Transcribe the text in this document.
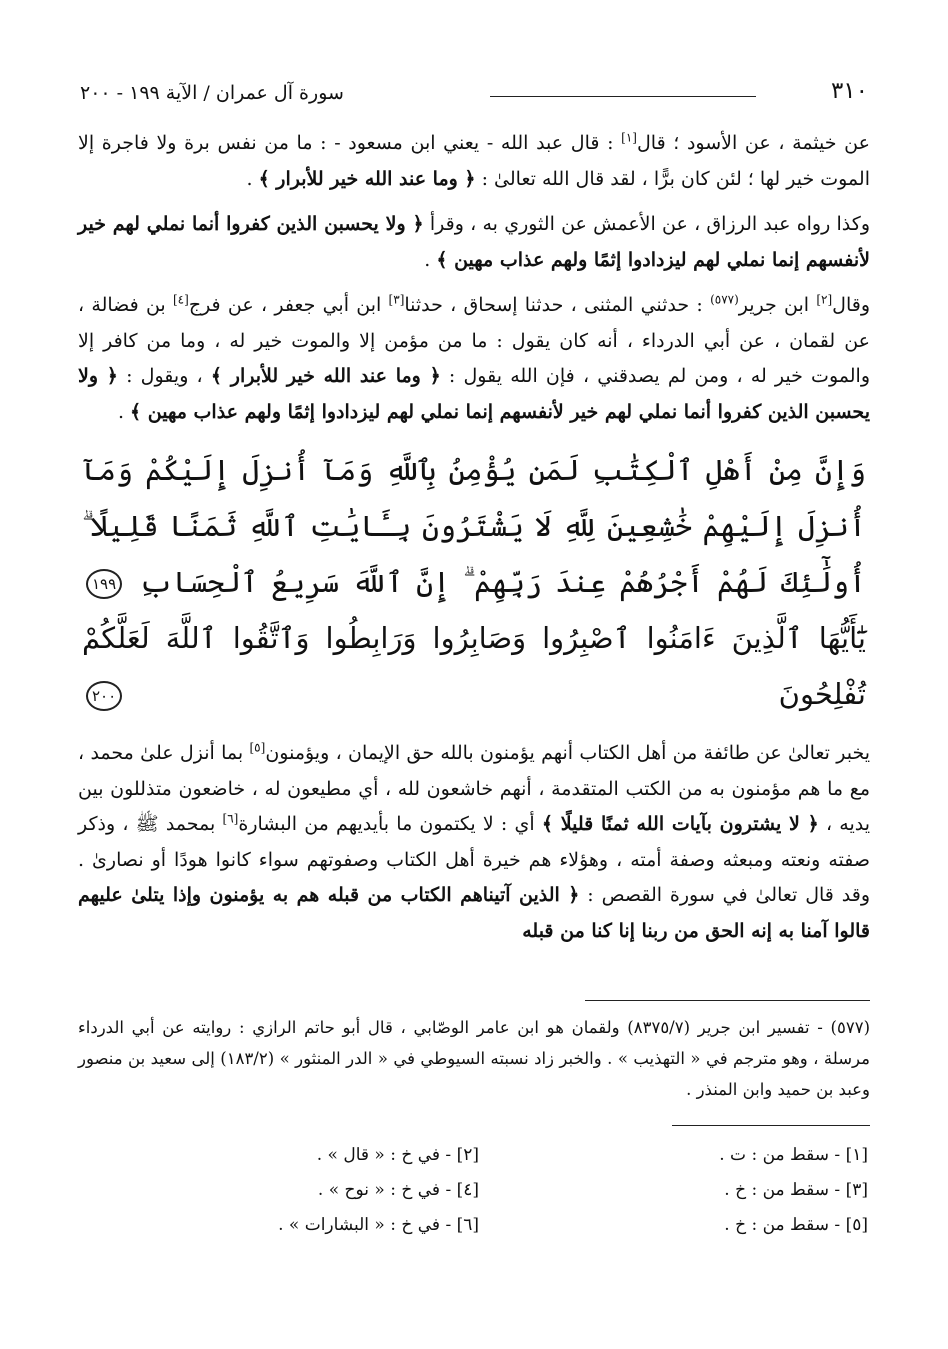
٣١٠
سورة آل عمران / الآية ١٩٩ - ٢٠٠

عن خيثمة ، عن الأسود ؛ قال[١] : قال عبد الله - يعني ابن مسعود - : ما من نفس برة ولا فاجرة إلا الموت خير لها ؛ لئن كان برًّا ، لقد قال الله تعالىٰ : ﴿ وما عند الله خير للأبرار ﴾ .

وكذا رواه عبد الرزاق ، عن الأعمش عن الثوري به ، وقرأ ﴿ ولا يحسبن الذين كفروا أنما نملي لهم خير لأنفسهم إنما نملي لهم ليزدادوا إثمًا ولهم عذاب مهين ﴾ .

وقال[٢] ابن جرير$^{(٥٧٧)}$ : حدثني المثنى ، حدثنا إسحاق ، حدثنا[٣] ابن أبي جعفر ، عن فرج[٤] بن فضالة ، عن لقمان ، عن أبي الدرداء ، أنه كان يقول : ما من مؤمن إلا والموت خير له ، وما من كافر إلا والموت خير له ، ومن لم يصدقني ، فإن الله يقول : ﴿ وما عند الله خير للأبرار ﴾ ، ويقول : ﴿ ولا يحسبن الذين كفروا أنما نملي لهم خير لأنفسهم إنما نملي لهم ليزدادوا إثمًا ولهم عذاب مهين ﴾ .

وَإِنَّ مِنْ أَهْلِ ٱلْكِتَٰبِ لَمَن يُؤْمِنُ بِٱللَّهِ وَمَآ أُنزِلَ إِلَيْكُمْ وَمَآ أُنزِلَ إِلَيْهِمْ خَٰشِعِينَ لِلَّهِ لَا يَشْتَرُونَ بِـَٔايَٰتِ ٱللَّهِ ثَمَنًا قَلِيلًا ۗ أُولَٰٓئِكَ لَهُمْ أَجْرُهُمْ عِندَ رَبِّهِمْ ۗ إِنَّ ٱللَّهَ سَرِيعُ ٱلْحِسَابِ ١٩٩ يَٰٓأَيُّهَا ٱلَّذِينَ ءَامَنُوا ٱصْبِرُوا وَصَابِرُوا وَرَابِطُوا وَٱتَّقُوا ٱللَّهَ لَعَلَّكُمْ تُفْلِحُونَ ٢٠٠

يخبر تعالىٰ عن طائفة من أهل الكتاب أنهم يؤمنون بالله حق الإيمان ، ويؤمنون[٥] بما أنزل علىٰ محمد ، مع ما هم مؤمنون به من الكتب المتقدمة ، أنهم خاشعون لله ، أي مطيعون له ، خاضعون متذللون بين يديه ، ﴿ لا يشترون بآيات الله ثمنًا قليلًا ﴾ أي : لا يكتمون ما بأيديهم من البشارة[٦] بمحمد ﷺ ، وذكر صفته ونعته ومبعثه وصفة أمته ، وهؤلاء هم خيرة أهل الكتاب وصفوتهم سواء كانوا هودًا أو نصارىٰ . وقد قال تعالىٰ في سورة القصص : ﴿ الذين آتيناهم الكتاب من قبله هم به يؤمنون وإذا يتلىٰ عليهم قالوا آمنا به إنه الحق من ربنا إنا كنا من قبله

(٥٧٧) - تفسير ابن جرير (٨٣٧٥/٧) ولقمان هو ابن عامر الوصّابي ، قال أبو حاتم الرازي : روايته عن أبي الدرداء مرسلة ، وهو مترجم في « التهذيب » . والخبر زاد نسبته السيوطي في « الدر المنثور » (١٨٣/٢) إلى سعيد بن منصور وعبد بن حميد وابن المنذر .
[١] - سقط من : ت .
[٢] - في خ : « قال » .
[٣] - سقط من : خ .
[٤] - في خ : « نوح » .
[٥] - سقط من : خ .
[٦] - في خ : « البشارات » .
